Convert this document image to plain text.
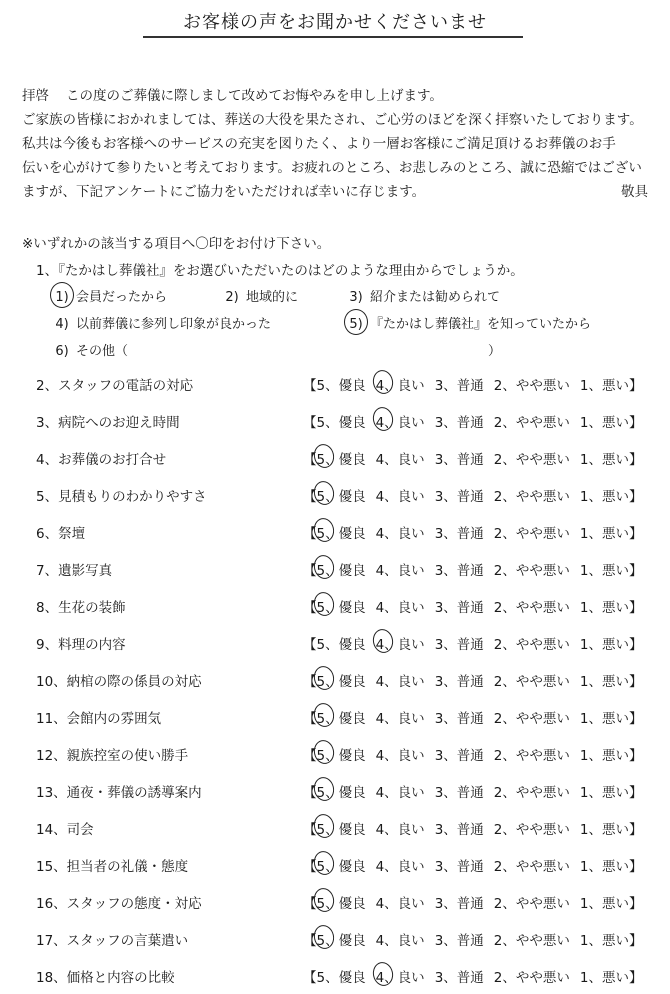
お客様の声をお聞かせくださいませ
拝啓 この度のご葬儀に際しまして改めてお悔やみを申し上げます。
ご家族の皆様におかれましては、葬送の大役を果たされ、ご心労のほどを深く拝察いたしております。
私共は今後もお客様へのサービスの充実を図りたく、より一層お客様にご満足頂けるお葬儀のお手
伝いを心がけて参りたいと考えております。お疲れのところ、お悲しみのところ、誠に恐縮ではござい
ますが、下記アンケートにご協力をいただければ幸いに存じます。	敬具
※いずれかの該当する項目へ〇印をお付け下さい。
1、『たかはし葬儀社』をお選びいただいたのはどのような理由からでしょうか。
1) 会員だったから	2) 地域的に	3) 紹介または勧められて
4) 以前葬儀に参列し印象が良かった	5) 『たかはし葬儀社』を知っていたから
6) その他（	）
2、スタッフの電話の対応	【5、優良 4、良い 3、普通 2、やや悪い 1、悪い】
3、病院へのお迎え時間	【5、優良 4、良い 3、普通 2、やや悪い 1、悪い】
4、お葬儀のお打合せ	【5、優良 4、良い 3、普通 2、やや悪い 1、悪い】
5、見積もりのわかりやすさ	【5、優良 4、良い 3、普通 2、やや悪い 1、悪い】
6、祭壇	【5、優良 4、良い 3、普通 2、やや悪い 1、悪い】
7、遺影写真	【5、優良 4、良い 3、普通 2、やや悪い 1、悪い】
8、生花の装飾	【5、優良 4、良い 3、普通 2、やや悪い 1、悪い】
9、料理の内容	【5、優良 4、良い 3、普通 2、やや悪い 1、悪い】
10、納棺の際の係員の対応	【5、優良 4、良い 3、普通 2、やや悪い 1、悪い】
11、会館内の雰囲気	【5、優良 4、良い 3、普通 2、やや悪い 1、悪い】
12、親族控室の使い勝手	【5、優良 4、良い 3、普通 2、やや悪い 1、悪い】
13、通夜・葬儀の誘導案内	【5、優良 4、良い 3、普通 2、やや悪い 1、悪い】
14、司会	【5、優良 4、良い 3、普通 2、やや悪い 1、悪い】
15、担当者の礼儀・態度	【5、優良 4、良い 3、普通 2、やや悪い 1、悪い】
16、スタッフの態度・対応	【5、優良 4、良い 3、普通 2、やや悪い 1、悪い】
17、スタッフの言葉遣い	【5、優良 4、良い 3、普通 2、やや悪い 1、悪い】
18、価格と内容の比較	【5、優良 4、良い 3、普通 2、やや悪い 1、悪い】
